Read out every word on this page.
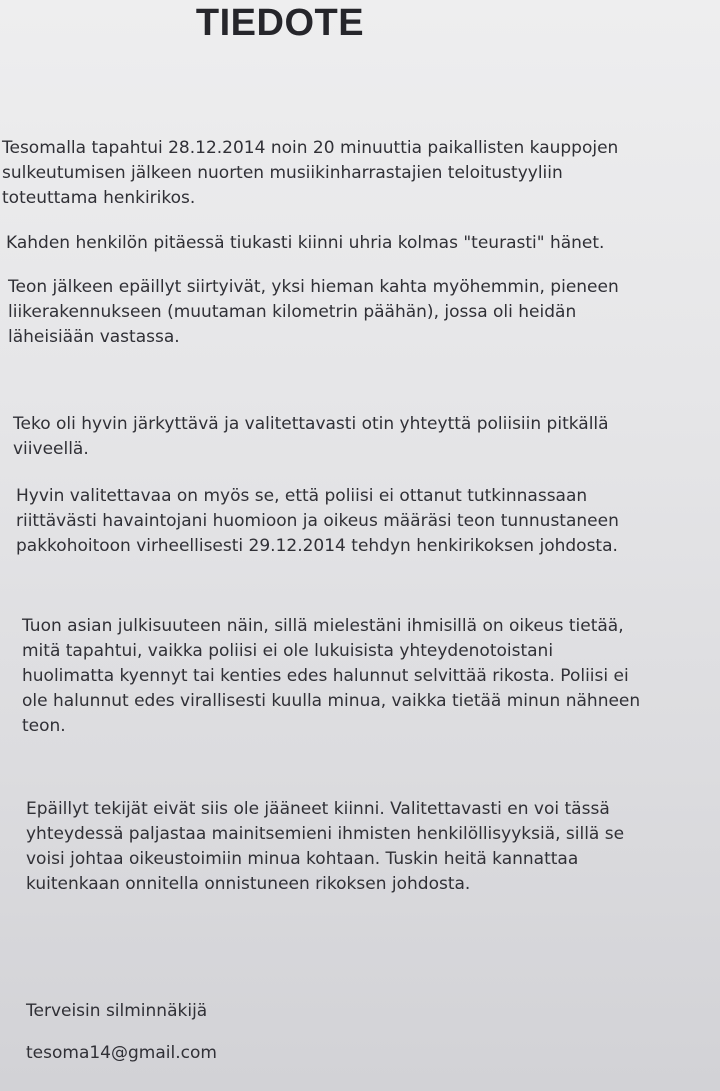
TIEDOTE
Tesomalla tapahtui 28.12.2014 noin 20 minuuttia paikallisten kauppojen
sulkeutumisen jälkeen nuorten musiikinharrastajien teloitustyyliin
toteuttama henkirikos.
Kahden henkilön pitäessä tiukasti kiinni uhria kolmas "teurasti" hänet.
Teon jälkeen epäillyt siirtyivät, yksi hieman kahta myöhemmin, pieneen
liikerakennukseen (muutaman kilometrin päähän), jossa oli heidän
läheisiään vastassa.
Teko oli hyvin järkyttävä ja valitettavasti otin yhteyttä poliisiin pitkällä
viiveellä.
Hyvin valitettavaa on myös se, että poliisi ei ottanut tutkinnassaan
riittävästi havaintojani huomioon ja oikeus määräsi teon tunnustaneen
pakkohoitoon virheellisesti 29.12.2014 tehdyn henkirikoksen johdosta.
Tuon asian julkisuuteen näin, sillä mielestäni ihmisillä on oikeus tietää,
mitä tapahtui, vaikka poliisi ei ole lukuisista yhteydenotoistani
huolimatta kyennyt tai kenties edes halunnut selvittää rikosta. Poliisi ei
ole halunnut edes virallisesti kuulla minua, vaikka tietää minun nähneen
teon.
Epäillyt tekijät eivät siis ole jääneet kiinni. Valitettavasti en voi tässä
yhteydessä paljastaa mainitsemieni ihmisten henkilöllisyyksiä, sillä se
voisi johtaa oikeustoimiin minua kohtaan. Tuskin heitä kannattaa
kuitenkaan onnitella onnistuneen rikoksen johdosta.
Terveisin silminnäkijä
tesoma14@gmail.com
